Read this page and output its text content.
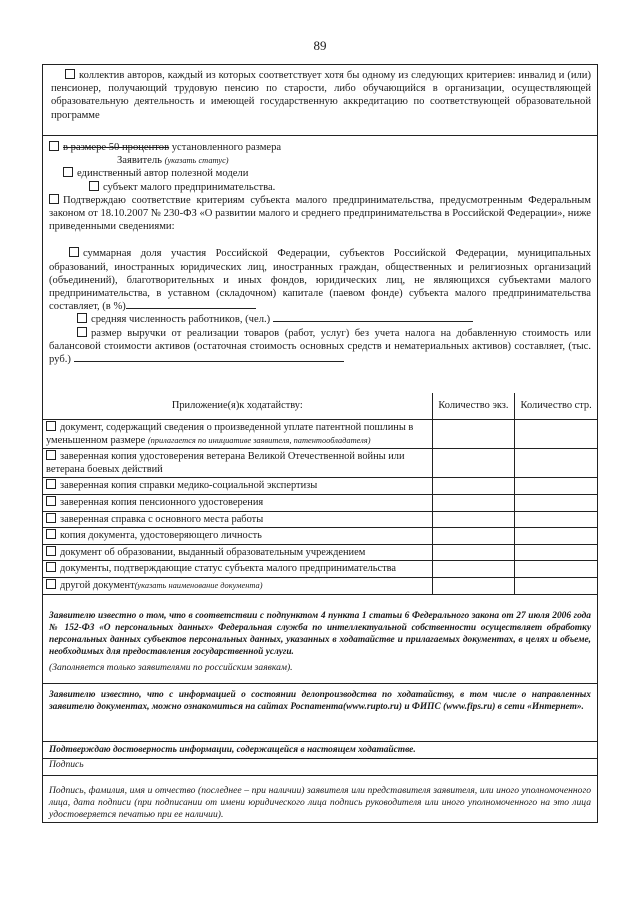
89
коллектив авторов, каждый из которых соответствует хотя бы одному из следующих критериев: инвалид и (или) пенсионер, получающий трудовую пенсию по старости, либо обучающийся в организации, осуществляющей образовательную деятельность и имеющей государственную аккредитацию по соответствующей образовательной программе
в размере 50 процентов установленного размера
Заявитель (указать статус)
единственный автор полезной модели
субъект малого предпринимательства.
Подтверждаю соответствие критериям субъекта малого предпринимательства, предусмотренным Федеральным законом от 18.10.2007 № 230-ФЗ «О развитии малого и среднего предпринимательства в Российской Федерации», ниже приведенными сведениями:
суммарная доля участия Российской Федерации, субъектов Российской Федерации, муниципальных образований, иностранных юридических лиц, иностранных граждан, общественных и религиозных организаций (объединений), благотворительных и иных фондов, юридических лиц, не являющихся субъектами малого предпринимательства, в уставном (складочном) капитале (паевом фонде) субъекта малого предпринимательства составляет, (в %)
средняя численность работников, (чел.)
размер выручки от реализации товаров (работ, услуг) без учета налога на добавленную стоимость или балансовой стоимости активов (остаточная стоимость основных средств и нематериальных активов) составляет, (тыс. руб.)
Приложение(я)к ходатайству:	Количество экз.	Количество стр.
документ, содержащий сведения о произведенной уплате патентной пошлины в уменьшенном размере (прилагается по инициативе заявителя, патентообладателя)		
заверенная копия удостоверения ветерана Великой Отечественной войны или ветерана боевых действий		
заверенная копия справки медико-социальной экспертизы		
заверенная копия пенсионного удостоверения		
заверенная справка с основного места работы		
копия документа, удостоверяющего личность		
документ об образовании, выданный образовательным учреждением		
документы, подтверждающие статус субъекта малого предпринимательства		
другой документ(указать наименование документа)		
Заявителю известно о том, что в соответствии с подпунктом 4 пункта 1 статьи 6 Федерального закона от 27 июля 2006 года № 152-ФЗ «О персональных данных» Федеральная служба по интеллектуальной собственности осуществляет обработку персональных данных субъектов персональных данных, указанных в ходатайстве и прилагаемых документах, в целях и объеме, необходимых для предоставления государственной услуги.
(Заполняется только заявителями по российским заявкам).
Заявителю известно, что с информацией о состоянии делопроизводства по ходатайству, в том числе о направленных заявителю документах, можно ознакомиться на сайтах Роспатента(www.rupto.ru) и ФИПС (www.fips.ru) в сети «Интернет».
Подтверждаю достоверность информации, содержащейся в настоящем ходатайстве.
Подпись
Подпись, фамилия, имя и отчество (последнее – при наличии) заявителя или представителя заявителя, или иного уполномоченного лица, дата подписи (при подписании от имени юридического лица подпись руководителя или иного уполномоченного на это лица удостоверяется печатью при ее наличии).
